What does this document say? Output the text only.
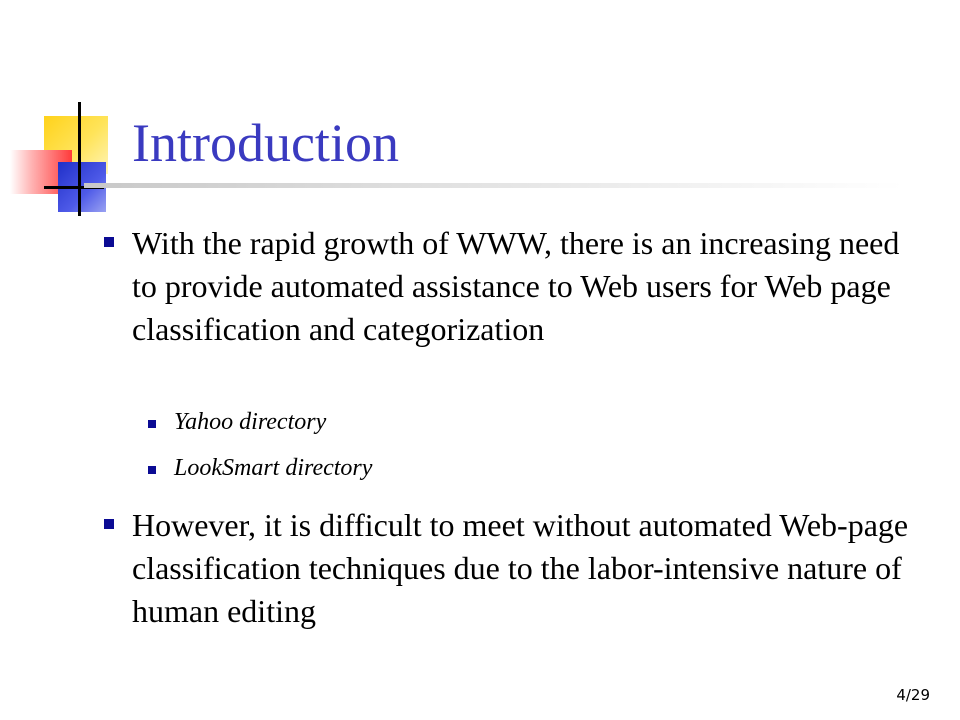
Introduction

With the rapid growth of WWW, there is an increasing need to provide automated assistance to Web users for Web page classification and categorization

Yahoo directory

LookSmart directory

However, it is difficult to meet without automated Web-page classification techniques due to the labor-intensive nature of human editing

4/29
